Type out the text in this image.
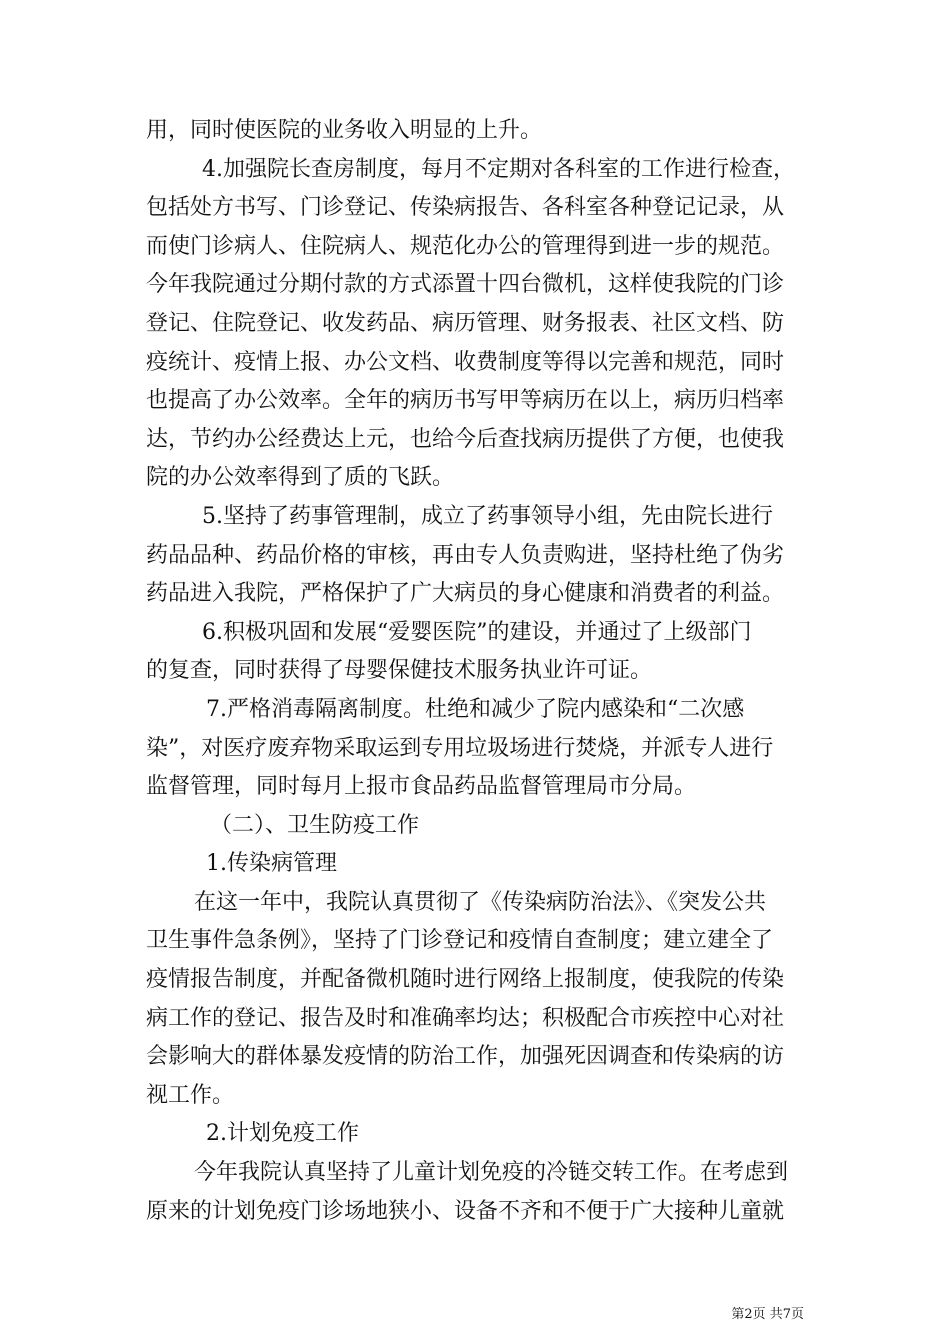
用，同时使医院的业务收入明显的上升。
4.加强院长查房制度，每月不定期对各科室的工作进行检查，
包括处方书写、门诊登记、传染病报告、各科室各种登记记录，从
而使门诊病人、住院病人、规范化办公的管理得到进一步的规范。
今年我院通过分期付款的方式添置十四台微机，这样使我院的门诊
登记、住院登记、收发药品、病历管理、财务报表、社区文档、防
疫统计、疫情上报、办公文档、收费制度等得以完善和规范，同时
也提高了办公效率。全年的病历书写甲等病历在以上，病历归档率
达，节约办公经费达上元，也给今后查找病历提供了方便，也使我
院的办公效率得到了质的飞跃。
5.坚持了药事管理制，成立了药事领导小组，先由院长进行
药品品种、药品价格的审核，再由专人负责购进，坚持杜绝了伪劣
药品进入我院，严格保护了广大病员的身心健康和消费者的利益。
6.积极巩固和发展“爱婴医院”的建设，并通过了上级部门
的复查，同时获得了母婴保健技术服务执业许可证。
7.严格消毒隔离制度。杜绝和减少了院内感染和“二次感
染”，对医疗废弃物采取运到专用垃圾场进行焚烧，并派专人进行
监督管理，同时每月上报市食品药品监督管理局市分局。
（二）、卫生防疫工作
1.传染病管理
在这一年中，我院认真贯彻了《传染病防治法》、《突发公共
卫生事件急条例》，坚持了门诊登记和疫情自查制度；建立建全了
疫情报告制度，并配备微机随时进行网络上报制度，使我院的传染
病工作的登记、报告及时和准确率均达；积极配合市疾控中心对社
会影响大的群体暴发疫情的防治工作，加强死因调查和传染病的访
视工作。
2.计划免疫工作
今年我院认真坚持了儿童计划免疫的冷链交转工作。在考虑到
原来的计划免疫门诊场地狭小、设备不齐和不便于广大接种儿童就
第2页 共7页
